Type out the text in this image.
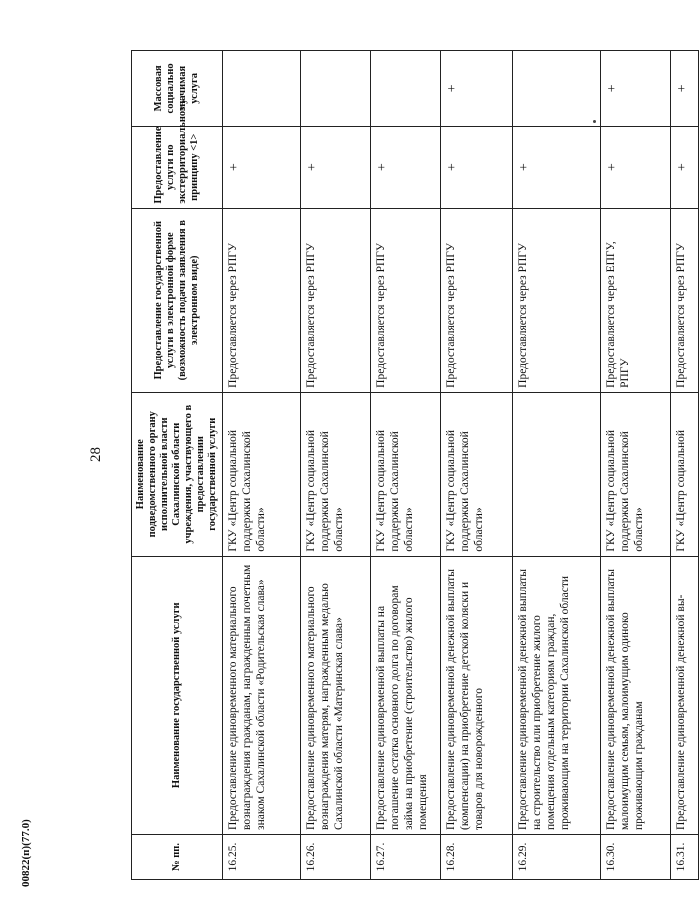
28
№ пп.	Наименование государственной услуги	Наименование подведомственного органу исполнительной власти Сахалинской области учреждения, участвующего в предоставлении государственной услуги	Предоставление государственной услуги в электронной форме (возможность подачи заявления в электронном виде)	Предоставление услуги по экстерриториальному принципу <1>	Массовая социально значимая услуга
16.25.	Предоставление единовременного материального вознаграждения гражданам, награжденным почетным знаком Сахалинской области «Родительская слава»	ГКУ «Центр социальной поддержки Сахалинской области»	Предоставляется через РПГУ	+	
16.26.	Предоставление единовременного материального вознаграждения матерям, награжденным медалью Сахалинской области «Материнская слава»	ГКУ «Центр социальной поддержки Сахалинской области»	Предоставляется через РПГУ	+	
16.27.	Предоставление единовременной выплаты на погашение остатка основного долга по договорам займа на приобретение (строительство) жилого помещения	ГКУ «Центр социальной поддержки Сахалинской области»	Предоставляется через РПГУ	+	
16.28.	Предоставление единовременной денежной выплаты (компенсации) на приобретение детской коляски и товаров для новорожденного	ГКУ «Центр социальной поддержки Сахалинской области»	Предоставляется через РПГУ	+	+
16.29.	Предоставление единовременной денежной выплаты на строительство или приобретение жилого помещения отдельным категориям граждан, проживающим на территории Сахалинской области		Предоставляется через РПГУ	+	
16.30.	Предоставление единовременной денежной выплаты малоимущим семьям, малоимущим одиноко проживающим гражданам	ГКУ «Центр социальной поддержки Сахалинской области»	Предоставляется через ЕПГУ, РПГУ	+	+
16.31.	Предоставление единовременной денежной вы-	ГКУ «Центр социальной	Предоставляется через РПГУ	+	+
00822(п)(77.0)
